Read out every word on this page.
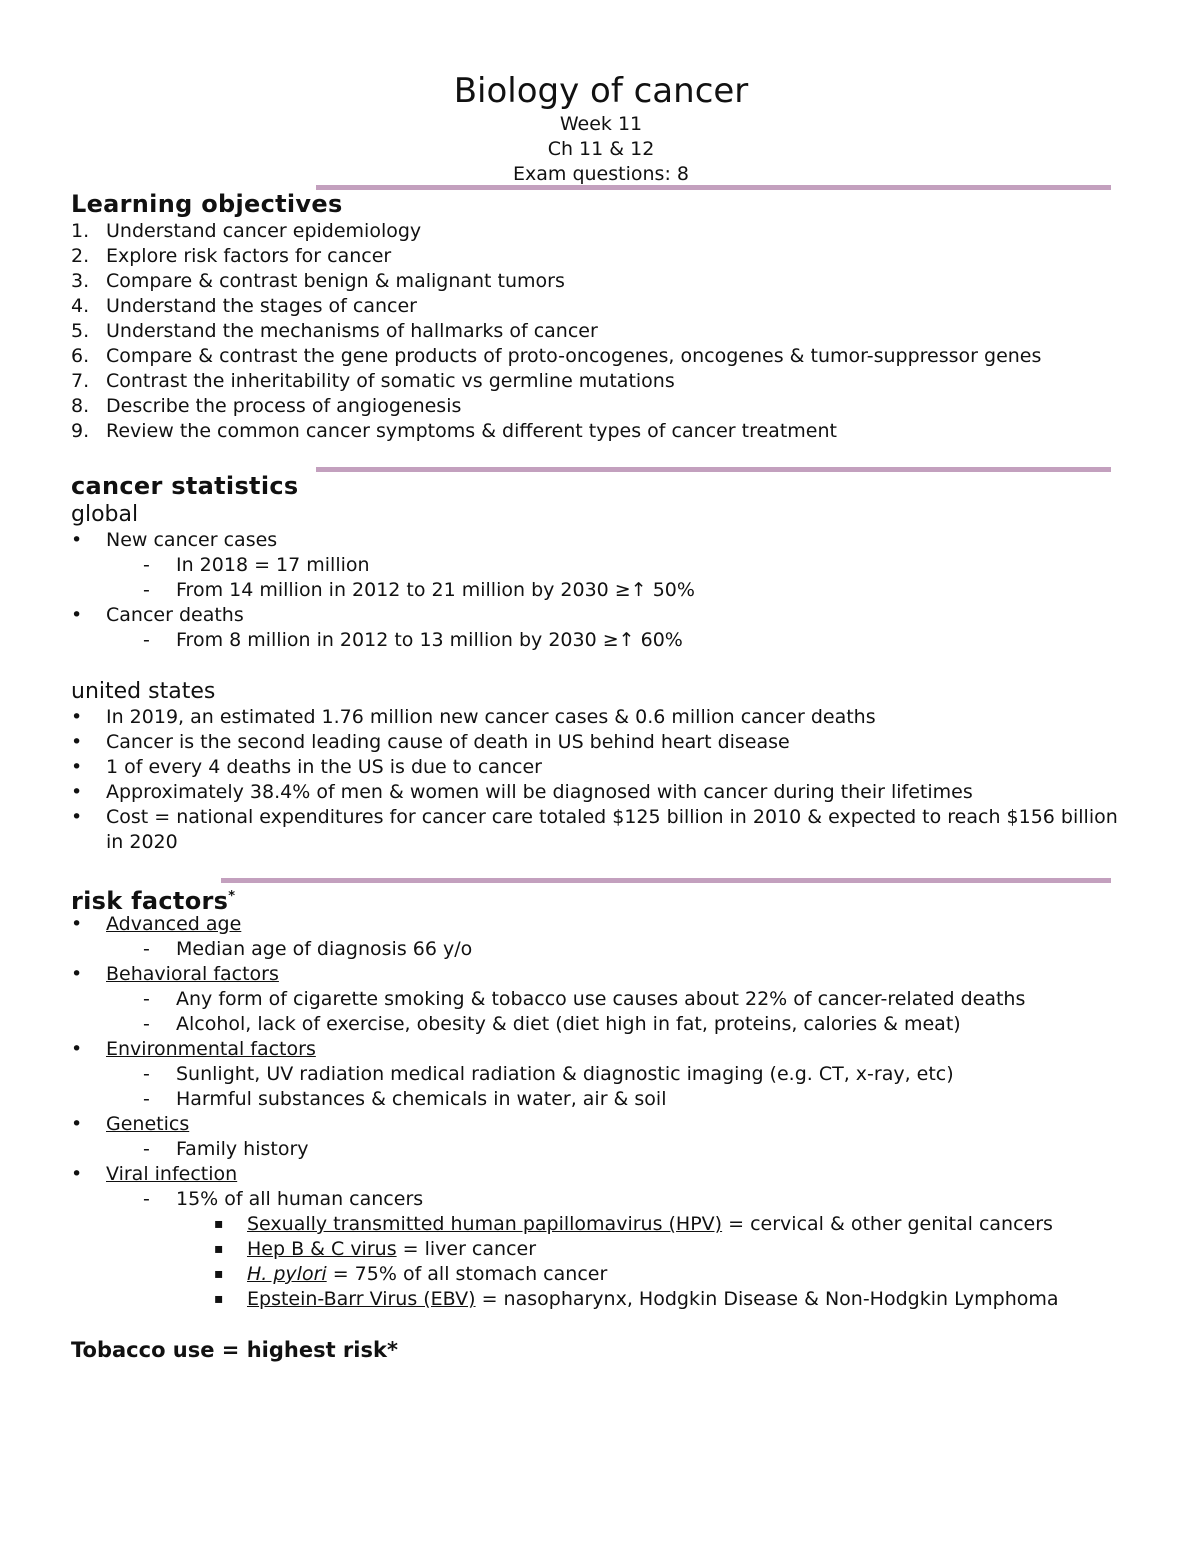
Biology of cancer
Week 11
Ch 11 & 12
Exam questions: 8
Learning objectives
1. Understand cancer epidemiology
2. Explore risk factors for cancer
3. Compare & contrast benign & malignant tumors
4. Understand the stages of cancer
5. Understand the mechanisms of hallmarks of cancer
6. Compare & contrast the gene products of proto-oncogenes, oncogenes & tumor-suppressor genes
7. Contrast the inheritability of somatic vs germline mutations
8. Describe the process of angiogenesis
9. Review the common cancer symptoms & different types of cancer treatment
cancer statistics
global
• New cancer cases
- In 2018 = 17 million
- From 14 million in 2012 to 21 million by 2030 ≥↑ 50%
• Cancer deaths
- From 8 million in 2012 to 13 million by 2030 ≥↑ 60%
united states
• In 2019, an estimated 1.76 million new cancer cases & 0.6 million cancer deaths
• Cancer is the second leading cause of death in US behind heart disease
• 1 of every 4 deaths in the US is due to cancer
• Approximately 38.4% of men & women will be diagnosed with cancer during their lifetimes
• Cost = national expenditures for cancer care totaled $125 billion in 2010 & expected to reach $156 billion in 2020
risk factors*
• Advanced age
- Median age of diagnosis 66 y/o
• Behavioral factors
- Any form of cigarette smoking & tobacco use causes about 22% of cancer-related deaths
- Alcohol, lack of exercise, obesity & diet (diet high in fat, proteins, calories & meat)
• Environmental factors
- Sunlight, UV radiation medical radiation & diagnostic imaging (e.g. CT, x-ray, etc)
- Harmful substances & chemicals in water, air & soil
• Genetics
- Family history
• Viral infection
- 15% of all human cancers
▪ Sexually transmitted human papillomavirus (HPV) = cervical & other genital cancers
▪ Hep B & C virus = liver cancer
▪ H. pylori = 75% of all stomach cancer
▪ Epstein-Barr Virus (EBV) = nasopharynx, Hodgkin Disease & Non-Hodgkin Lymphoma
Tobacco use = highest risk*
